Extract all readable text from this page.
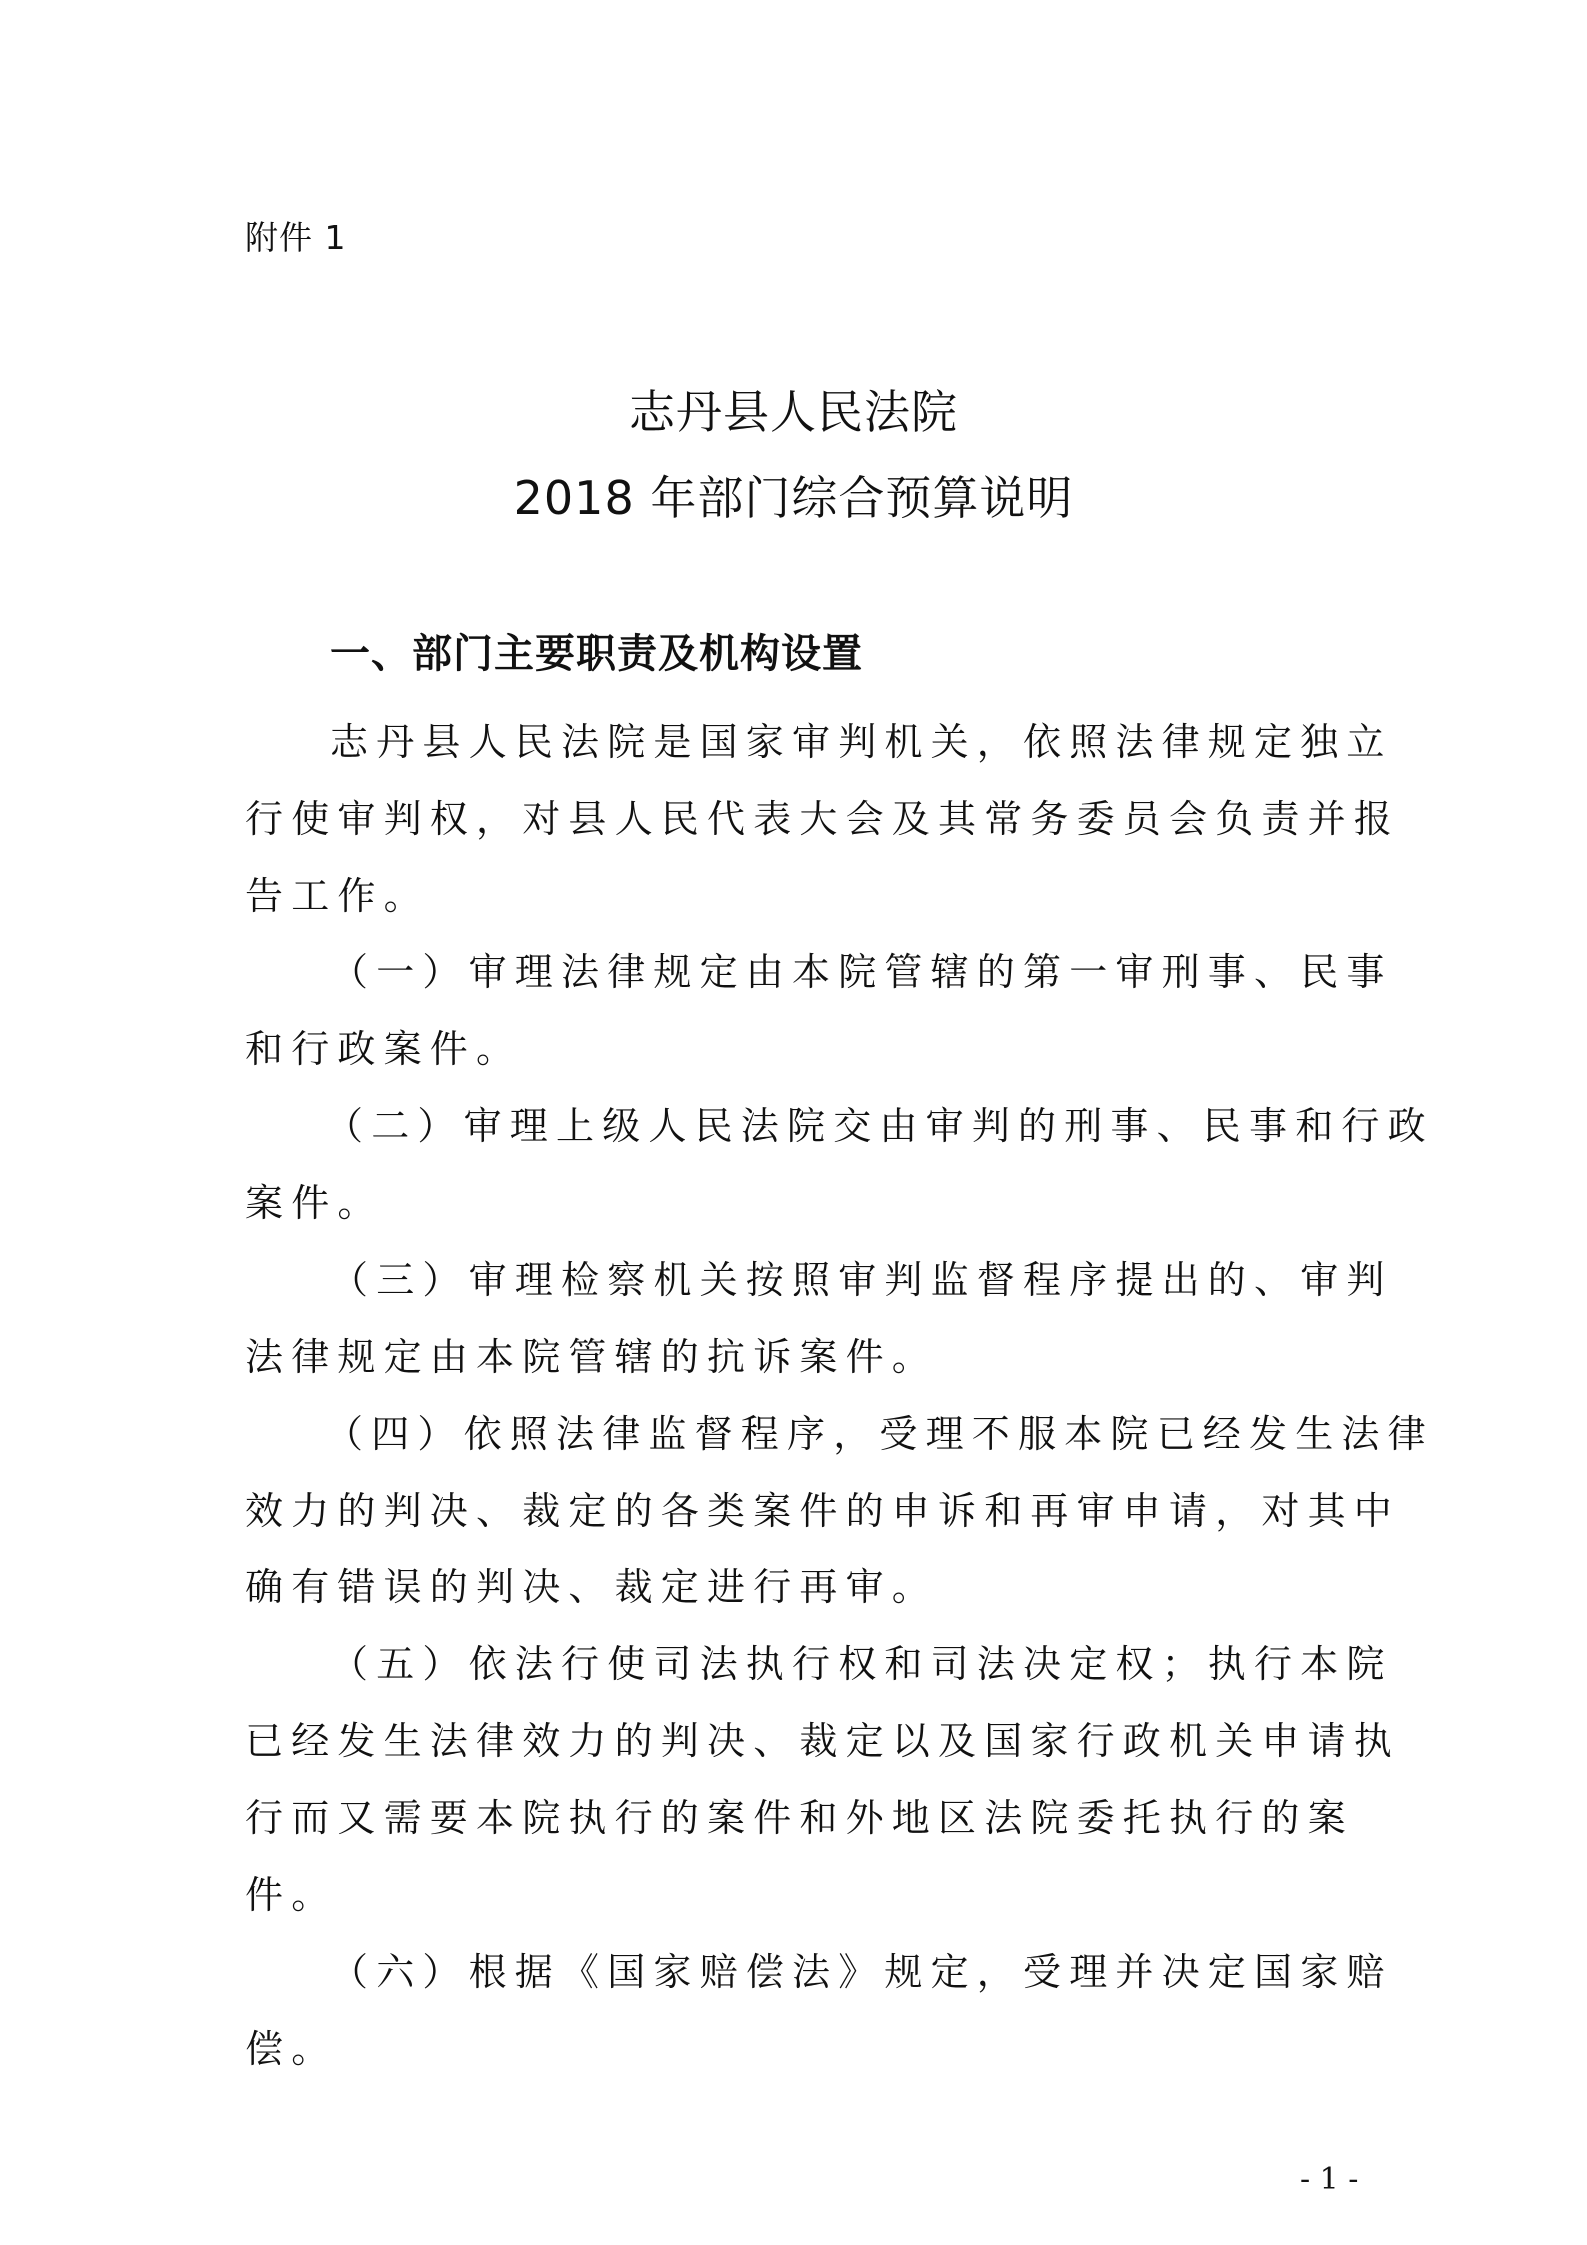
附件 1
志丹县人民法院
2018 年部门综合预算说明
一、部门主要职责及机构设置
志丹县人民法院是国家审判机关，依照法律规定独立
行使审判权，对县人民代表大会及其常务委员会负责并报
告工作。
（一）审理法律规定由本院管辖的第一审刑事、民事
和行政案件。
（二）审理上级人民法院交由审判的刑事、民事和行政
案件。
（三）审理检察机关按照审判监督程序提出的、审判
法律规定由本院管辖的抗诉案件。
（四）依照法律监督程序，受理不服本院已经发生法律
效力的判决、裁定的各类案件的申诉和再审申请，对其中
确有错误的判决、裁定进行再审。
（五）依法行使司法执行权和司法决定权；执行本院
已经发生法律效力的判决、裁定以及国家行政机关申请执
行而又需要本院执行的案件和外地区法院委托执行的案
件。
（六）根据《国家赔偿法》规定，受理并决定国家赔
偿。
- 1 -
